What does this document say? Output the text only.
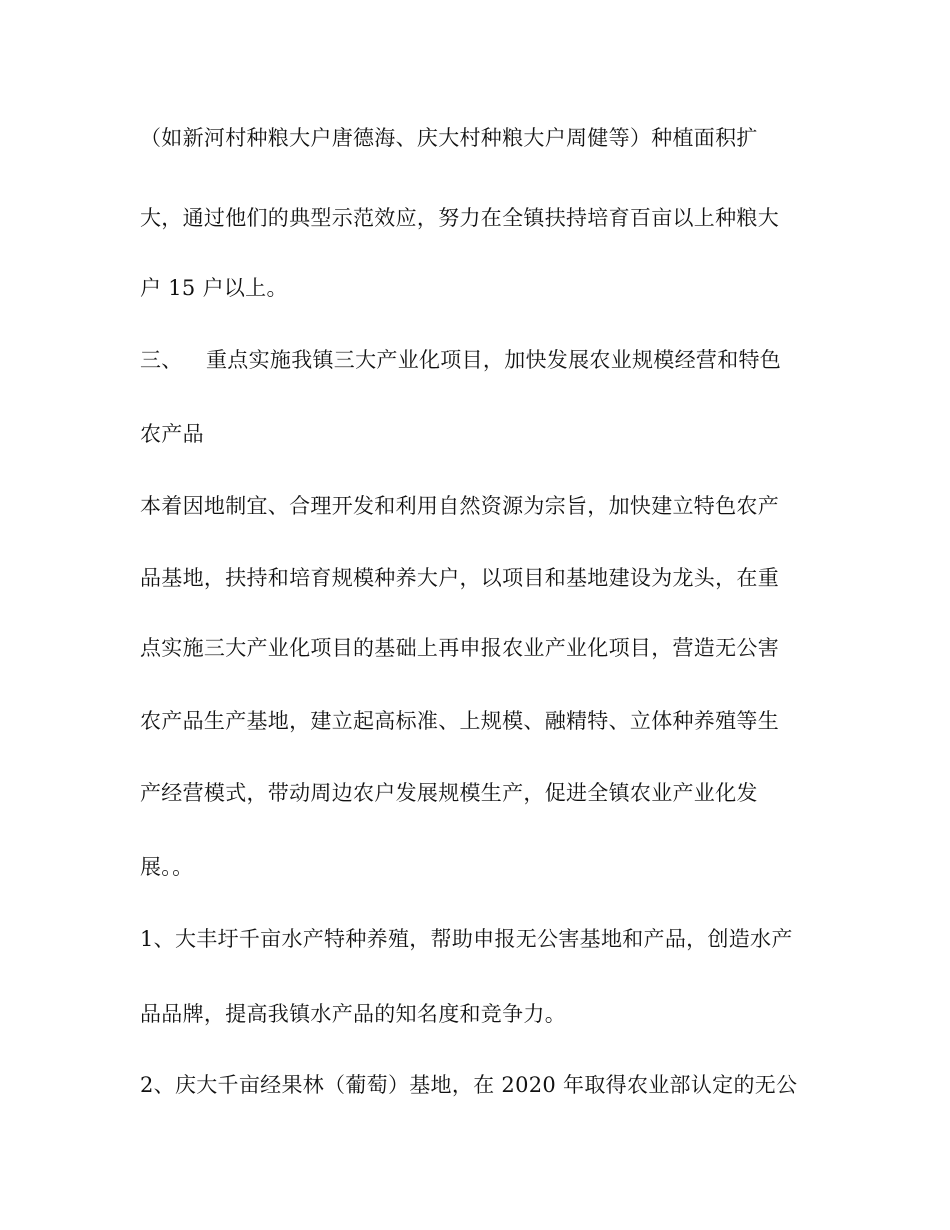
（如新河村种粮大户唐德海、庆大村种粮大户周健等）种植面积扩

大，通过他们的典型示范效应，努力在全镇扶持培育百亩以上种粮大

户 15 户以上。

三、 重点实施我镇三大产业化项目，加快发展农业规模经营和特色

农产品

本着因地制宜、合理开发和利用自然资源为宗旨，加快建立特色农产

品基地，扶持和培育规模种养大户，以项目和基地建设为龙头，在重

点实施三大产业化项目的基础上再申报农业产业化项目，营造无公害

农产品生产基地，建立起高标准、上规模、融精特、立体种养殖等生

产经营模式，带动周边农户发展规模生产，促进全镇农业产业化发

展。。

1、大丰圩千亩水产特种养殖，帮助申报无公害基地和产品，创造水产

品品牌，提高我镇水产品的知名度和竞争力。

2、庆大千亩经果林（葡萄）基地，在 2020 年取得农业部认定的无公
